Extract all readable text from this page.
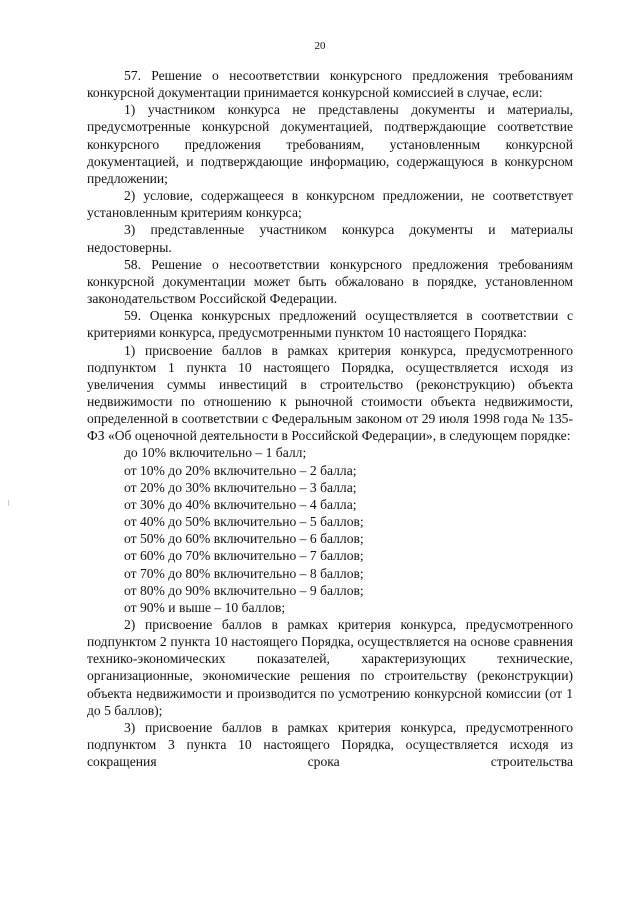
20

57. Решение о несоответствии конкурсного предложения требованиям конкурсной документации принимается конкурсной комиссией в случае, если:

1) участником конкурса не представлены документы и материалы, предусмотренные конкурсной документацией, подтверждающие соответствие конкурсного предложения требованиям, установленным конкурсной документацией, и подтверждающие информацию, содержащуюся в конкурсном предложении;

2) условие, содержащееся в конкурсном предложении, не соответствует установленным критериям конкурса;

3) представленные участником конкурса документы и материалы недостоверны.

58. Решение о несоответствии конкурсного предложения требованиям конкурсной документации может быть обжаловано в порядке, установленном законодательством Российской Федерации.

59. Оценка конкурсных предложений осуществляется в соответствии с критериями конкурса, предусмотренными пунктом 10 настоящего Порядка:

1) присвоение баллов в рамках критерия конкурса, предусмотренного подпунктом 1 пункта 10 настоящего Порядка, осуществляется исходя из увеличения суммы инвестиций в строительство (реконструкцию) объекта недвижимости по отношению к рыночной стоимости объекта недвижимости, определенной в соответствии с Федеральным законом от 29 июля 1998 года № 135-ФЗ «Об оценочной деятельности в Российской Федерации», в следующем порядке:

до 10% включительно – 1 балл;

от 10% до 20% включительно – 2 балла;

от 20% до 30% включительно – 3 балла;

от 30% до 40% включительно – 4 балла;

от 40% до 50% включительно – 5 баллов;

от 50% до 60% включительно – 6 баллов;

от 60% до 70% включительно – 7 баллов;

от 70% до 80% включительно – 8 баллов;

от 80% до 90% включительно – 9 баллов;

от 90% и выше – 10 баллов;

2) присвоение баллов в рамках критерия конкурса, предусмотренного подпунктом 2 пункта 10 настоящего Порядка, осуществляется на основе сравнения технико-экономических показателей, характеризующих технические, организационные, экономические решения по строительству (реконструкции) объекта недвижимости и производится по усмотрению конкурсной комиссии (от 1 до 5 баллов);

3) присвоение баллов в рамках критерия конкурса, предусмотренного подпунктом 3 пункта 10 настоящего Порядка, осуществляется исходя из сокращения срока строительства
